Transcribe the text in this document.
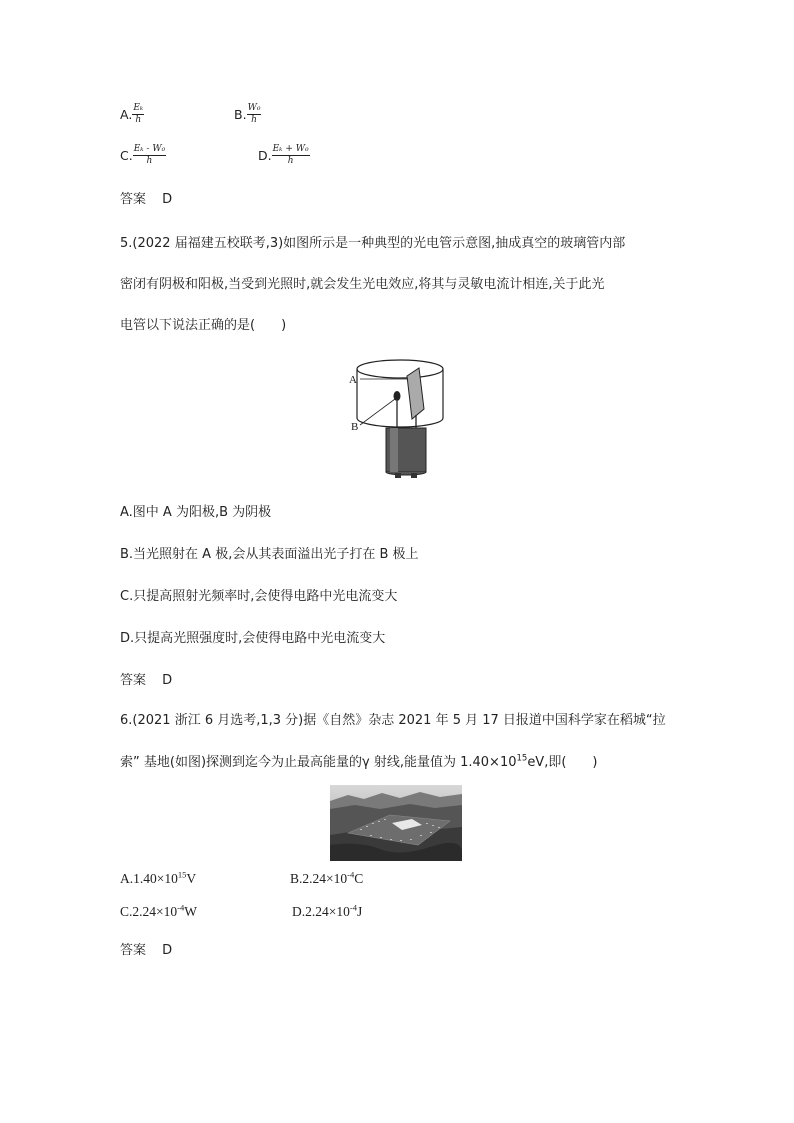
A. $\frac{\text{Eₖ}}{h}$	B. $\frac{\text{W₀}}{h}$
C. $\frac{\text{Eₖ - W₀}}{h}$	D. $\frac{\text{Eₖ + W₀}}{h}$
答案 D
5.(2022 届福建五校联考,3)如图所示是一种典型的光电管示意图,抽成真空的玻璃管内部
密闭有阴极和阳极,当受到光照时,就会发生光电效应,将其与灵敏电流计相连,关于此光
电管以下说法正确的是(　　)
A
B
A.图中 A 为阳极,B 为阴极
B.当光照射在 A 极,会从其表面溢出光子打在 B 极上
C.只提高照射光频率时,会使得电路中光电流变大
D.只提高光照强度时,会使得电路中光电流变大
答案 D
6.(2021 浙江 6 月选考,1,3 分)据《自然》杂志 2021 年 5 月 17 日报道中国科学家在稻城“拉
索” 基地(如图)探测到迄今为止最高能量的γ 射线,能量值为 $1.40\times 10^{15}eV$,即(　　)
$A.1.40\times 10^{15}V$	$B.2.24\times 10^{-4}C$
$C.2.24\times 10^{-4}W$	$D.2.24\times 10^{-4}J$
答案 D
